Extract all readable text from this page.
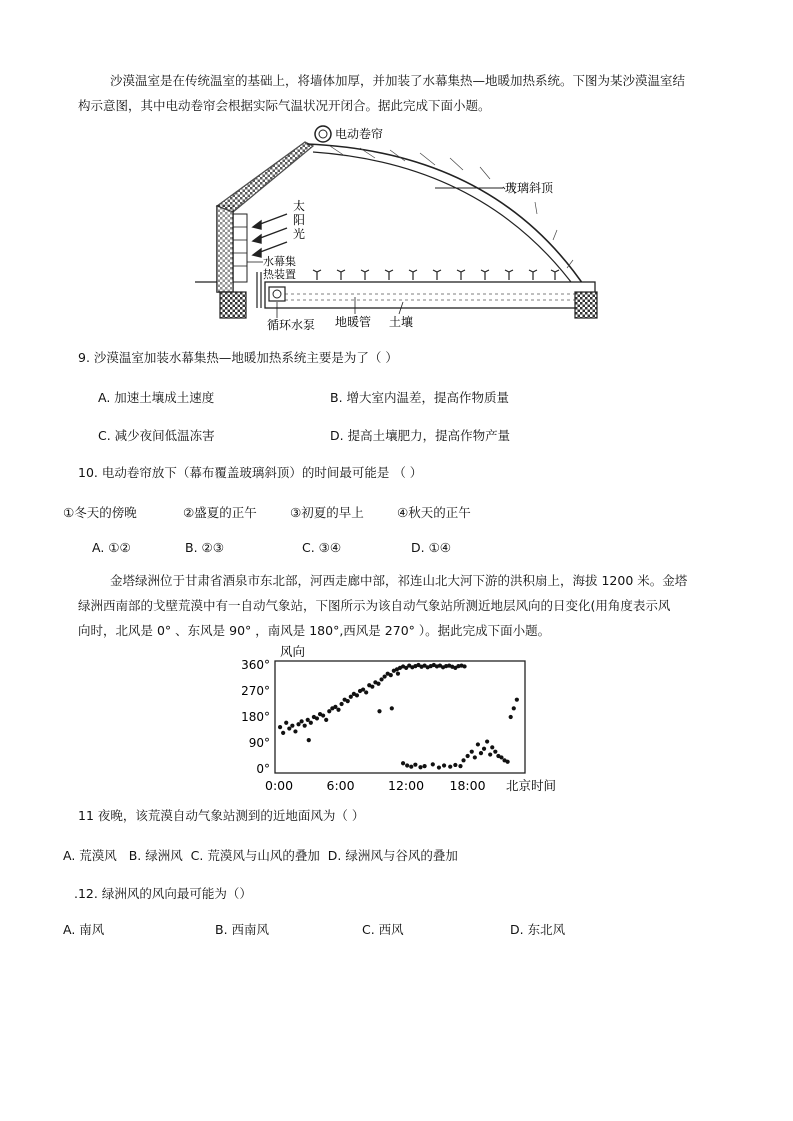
沙漠温室是在传统温室的基础上，将墙体加厚，并加装了水幕集热—地暖加热系统。下图为某沙漠温室结
构示意图，其中电动卷帘会根据实际气温状况开闭合。据此完成下面小题。
电动卷帘
玻璃斜顶
太
阳
光
水幕集
热装置
循环水泵 地暖管 土壤
9. 沙漠温室加装水幕集热—地暖加热系统主要是为了（ ）
A. 加速土壤成土速度	B. 增大室内温差，提高作物质量
C. 减少夜间低温冻害	D. 提高土壤肥力，提高作物产量
10. 电动卷帘放下（幕布覆盖玻璃斜顶）的时间最可能是 （ ）
①冬天的傍晚	②盛夏的正午	③初夏的早上	④秋天的正午
A. ①②	B. ②③	C. ③④	D. ①④
金塔绿洲位于甘肃省酒泉市东北部，河西走廊中部，祁连山北大河下游的洪积扇上，海拔 1200 米。金塔
绿洲西南部的戈壁荒漠中有一自动气象站，下图所示为该自动气象站所测近地层风向的日变化(用角度表示风
向时，北风是 0° 、东风是 90° ，南风是 180°,西风是 270° ）。据此完成下面小题。
风向
360°
270°
180°
90°
0°
0:00	6:00	12:00 18:00 北京时间
11 夜晚，该荒漠自动气象站测到的近地面风为（ ）
A. 荒漠风   B. 绿洲风  C. 荒漠风与山风的叠加  D. 绿洲风与谷风的叠加
.12. 绿洲风的风向最可能为（）
A. 南风	B. 西南风	C. 西风	D. 东北风
